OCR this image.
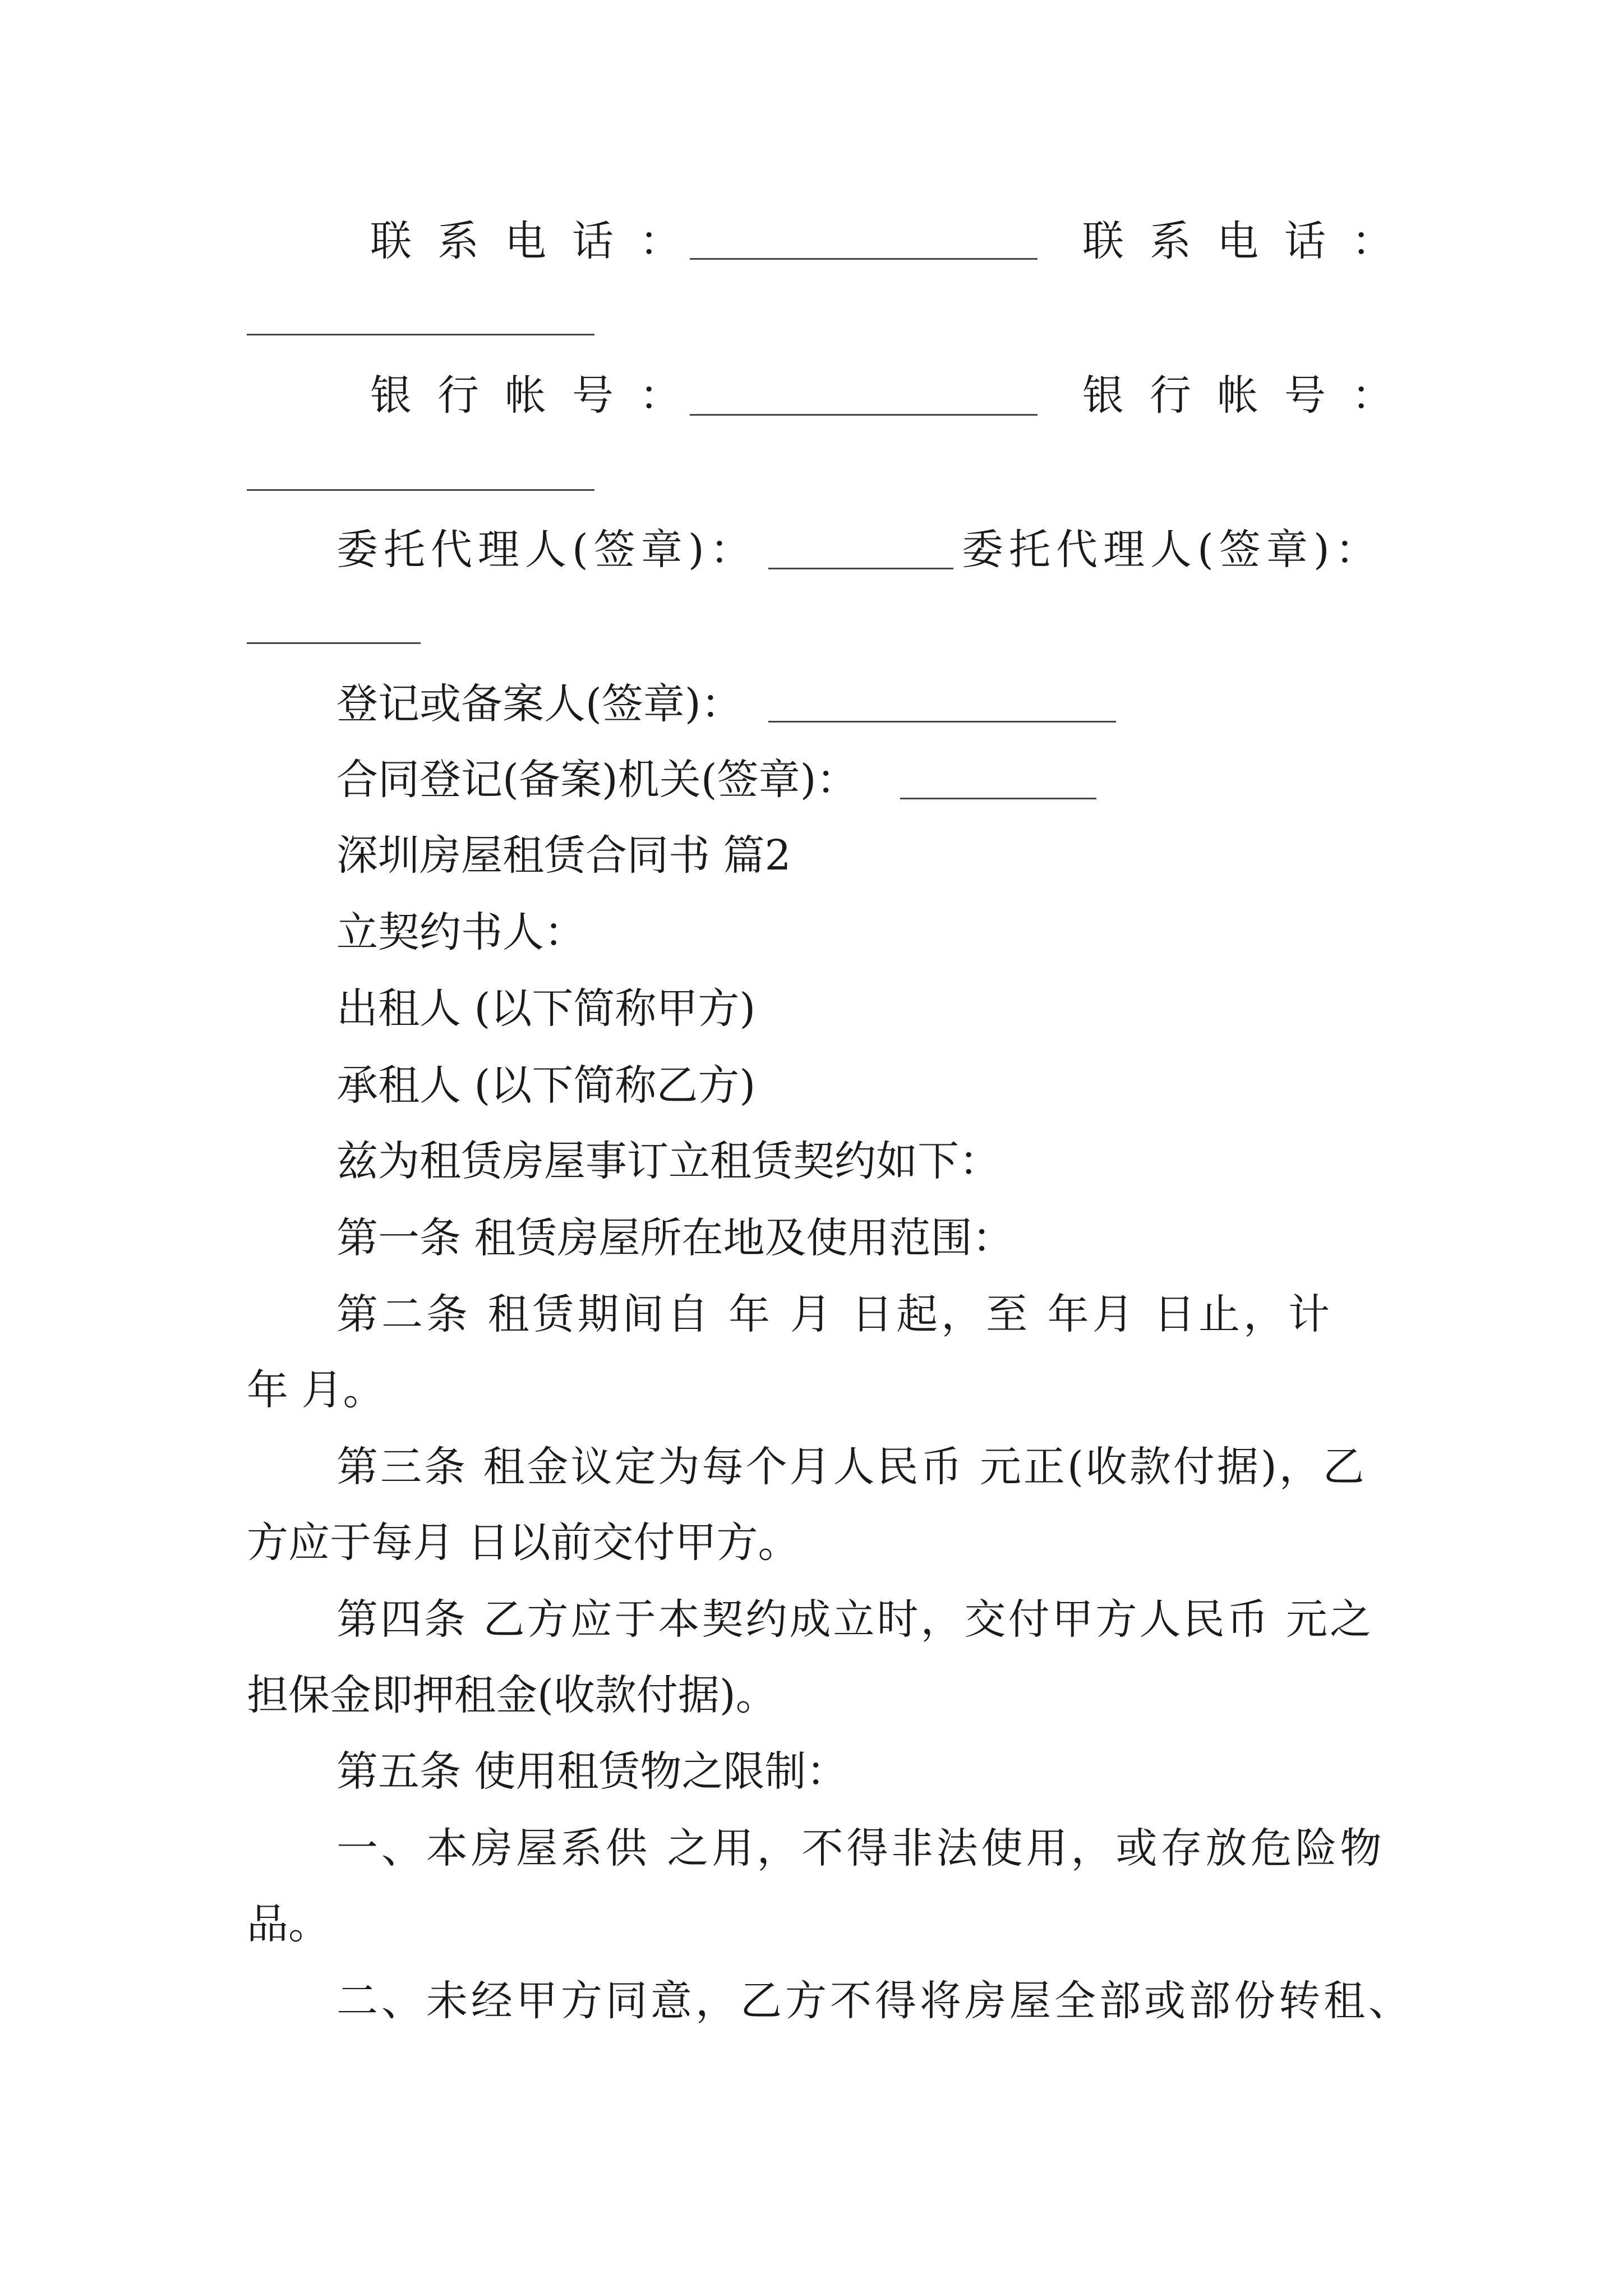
联系电话：	联系电话：
银行帐号：	银行帐号：
委托代理人(签章)：	委托代理人(签章)：
登记或备案人(签章)：
合同登记(备案)机关(签章)：
深圳房屋租赁合同书 篇2
立契约书人：
出租人 (以下简称甲方)
承租人 (以下简称乙方)
兹为租赁房屋事订立租赁契约如下：
第一条 租赁房屋所在地及使用范围：
第二条 租赁期间自 年 月 日起，至 年月 日止，计
年 月。
第三条 租金议定为每个月人民币 元正(收款付据)，乙
方应于每月 日以前交付甲方。
第四条 乙方应于本契约成立时，交付甲方人民币 元之
担保金即押租金(收款付据)。
第五条 使用租赁物之限制：
一、本房屋系供 之用，不得非法使用，或存放危险物
品。
二、未经甲方同意，乙方不得将房屋全部或部份转租、
